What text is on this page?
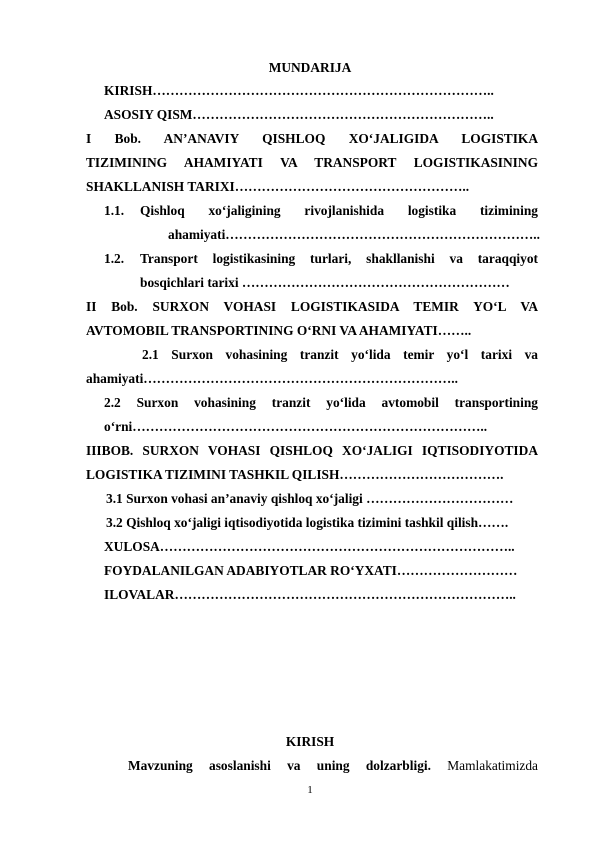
MUNDARIJA
KIRISH…………………………………………………………………..
ASOSIY QISM…………………………………………………………..
I Bob. AN’ANAVIY QISHLOQ XO‘JALIGIDA LOGISTIKA
TIZIMINING AHAMIYATI VA TRANSPORT LOGISTIKASINING
SHAKLLANISH TARIXI……………………………………………..
1.1. Qishloq xo‘jaligining rivojlanishida logistika tizimining
ahamiyati……………………………………………………………..
1.2. Transport logistikasining turlari, shakllanishi va taraqqiyot
bosqichlari tarixi ……………………………………………………
II Bob. SURXON VOHASI LOGISTIKASIDA TEMIR YO‘L VA
AVTOMOBIL TRANSPORTINING O‘RNI VA AHAMIYATI……..
2.1 Surxon vohasining tranzit yo‘lida temir yo‘l tarixi va
ahamiyati……………………………………………………………..
2.2 Surxon vohasining tranzit yo‘lida avtomobil transportining
o‘rni……………………………………………………………………..
IIIBOB. SURXON VOHASI QISHLOQ XO‘JALIGI IQTISODIYOTIDA
LOGISTIKA TIZIMINI TASHKIL QILISH……………………………….
3.1 Surxon vohasi an’anaviy qishloq xo‘jaligi ……………………………
3.2 Qishloq xo‘jaligi iqtisodiyotida logistika tizimini tashkil qilish…….
XULOSA……………………………………………………………………..
FOYDALANILGAN ADABIYOTLAR RO‘YXATI………………………
ILOVALAR…………………………………………………………………..
KIRISH
Mavzuning asoslanishi va uning dolzarbligi. Mamlakatimizda
1
